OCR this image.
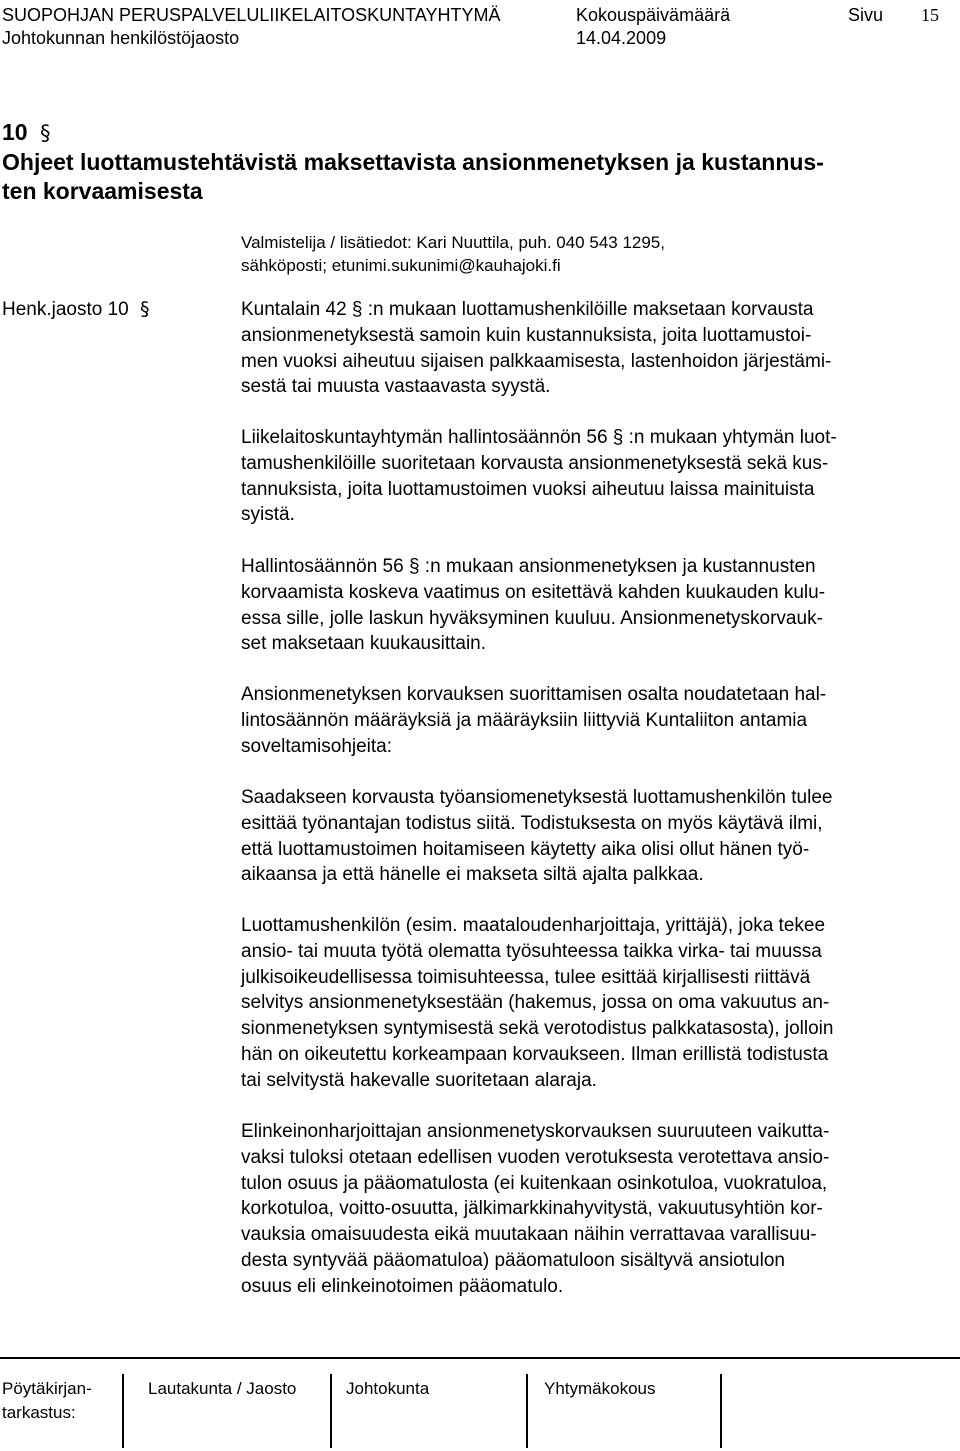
SUOPOHJAN PERUSPALVELULIIKELAITOSKUNTAYHTYMÄ
Johtokunnan henkilöstöjaosto
Kokouspäivämäärä
14.04.2009
Sivu 15
10 §
Ohjeet luottamustehtävistä maksettavista ansionmenetyksen ja kustannus-
ten korvaamisesta
Valmistelija / lisätiedot: Kari Nuuttila, puh. 040 543 1295,
sähköposti; etunimi.sukunimi@kauhajoki.fi
Henk.jaosto 10 §	Kuntalain 42 § :n mukaan luottamushenkilöille maksetaan korvausta
ansionmenetyksestä samoin kuin kustannuksista, joita luottamustoi-
men vuoksi aiheutuu sijaisen palkkaamisesta, lastenhoidon järjestämi-
sestä tai muusta vastaavasta syystä.
Liikelaitoskuntayhtymän hallintosäännön 56 § :n mukaan yhtymän luot-
tamushenkilöille suoritetaan korvausta ansionmenetyksestä sekä kus-
tannuksista, joita luottamustoimen vuoksi aiheutuu laissa mainituista
syistä.
Hallintosäännön 56 § :n mukaan ansionmenetyksen ja kustannusten
korvaamista koskeva vaatimus on esitettävä kahden kuukauden kulu-
essa sille, jolle laskun hyväksyminen kuuluu. Ansionmenetyskorvauk-
set maksetaan kuukausittain.
Ansionmenetyksen korvauksen suorittamisen osalta noudatetaan hal-
lintosäännön määräyksiä ja määräyksiin liittyviä Kuntaliiton antamia
soveltamisohjeita:
Saadakseen korvausta työansiomenetyksestä luottamushenkilön tulee
esittää työnantajan todistus siitä. Todistuksesta on myös käytävä ilmi,
että luottamustoimen hoitamiseen käytetty aika olisi ollut hänen työ-
aikaansa ja että hänelle ei makseta siltä ajalta palkkaa.
Luottamushenkilön (esim. maataloudenharjoittaja, yrittäjä), joka tekee
ansio- tai muuta työtä olematta työsuhteessa taikka virka- tai muussa
julkisoikeudellisessa toimisuhteessa, tulee esittää kirjallisesti riittävä
selvitys ansionmenetyksestään (hakemus, jossa on oma vakuutus an-
sionmenetyksen syntymisestä sekä verotodistus palkkatasosta), jolloin
hän on oikeutettu korkeampaan korvaukseen. Ilman erillistä todistusta
tai selvitystä hakevalle suoritetaan alaraja.
Elinkeinonharjoittajan ansionmenetyskorvauksen suuruuteen vaikutta-
vaksi tuloksi otetaan edellisen vuoden verotuksesta verotettava ansio-
tulon osuus ja pääomatulosta (ei kuitenkaan osinkotuloa, vuokratuloa,
korkotuloa, voitto-osuutta, jälkimarkkinahyvitystä, vakuutusyhtiön kor-
vauksia omaisuudesta eikä muutakaan näihin verrattavaa varallisuu-
desta syntyvää pääomatuloa) pääomatuloon sisältyvä ansiotulon
osuus eli elinkeinotoimen pääomatulo.
Pöytäkirjan-
tarkastus:
Lautakunta / Jaosto	Johtokunta	Yhtymäkokous
